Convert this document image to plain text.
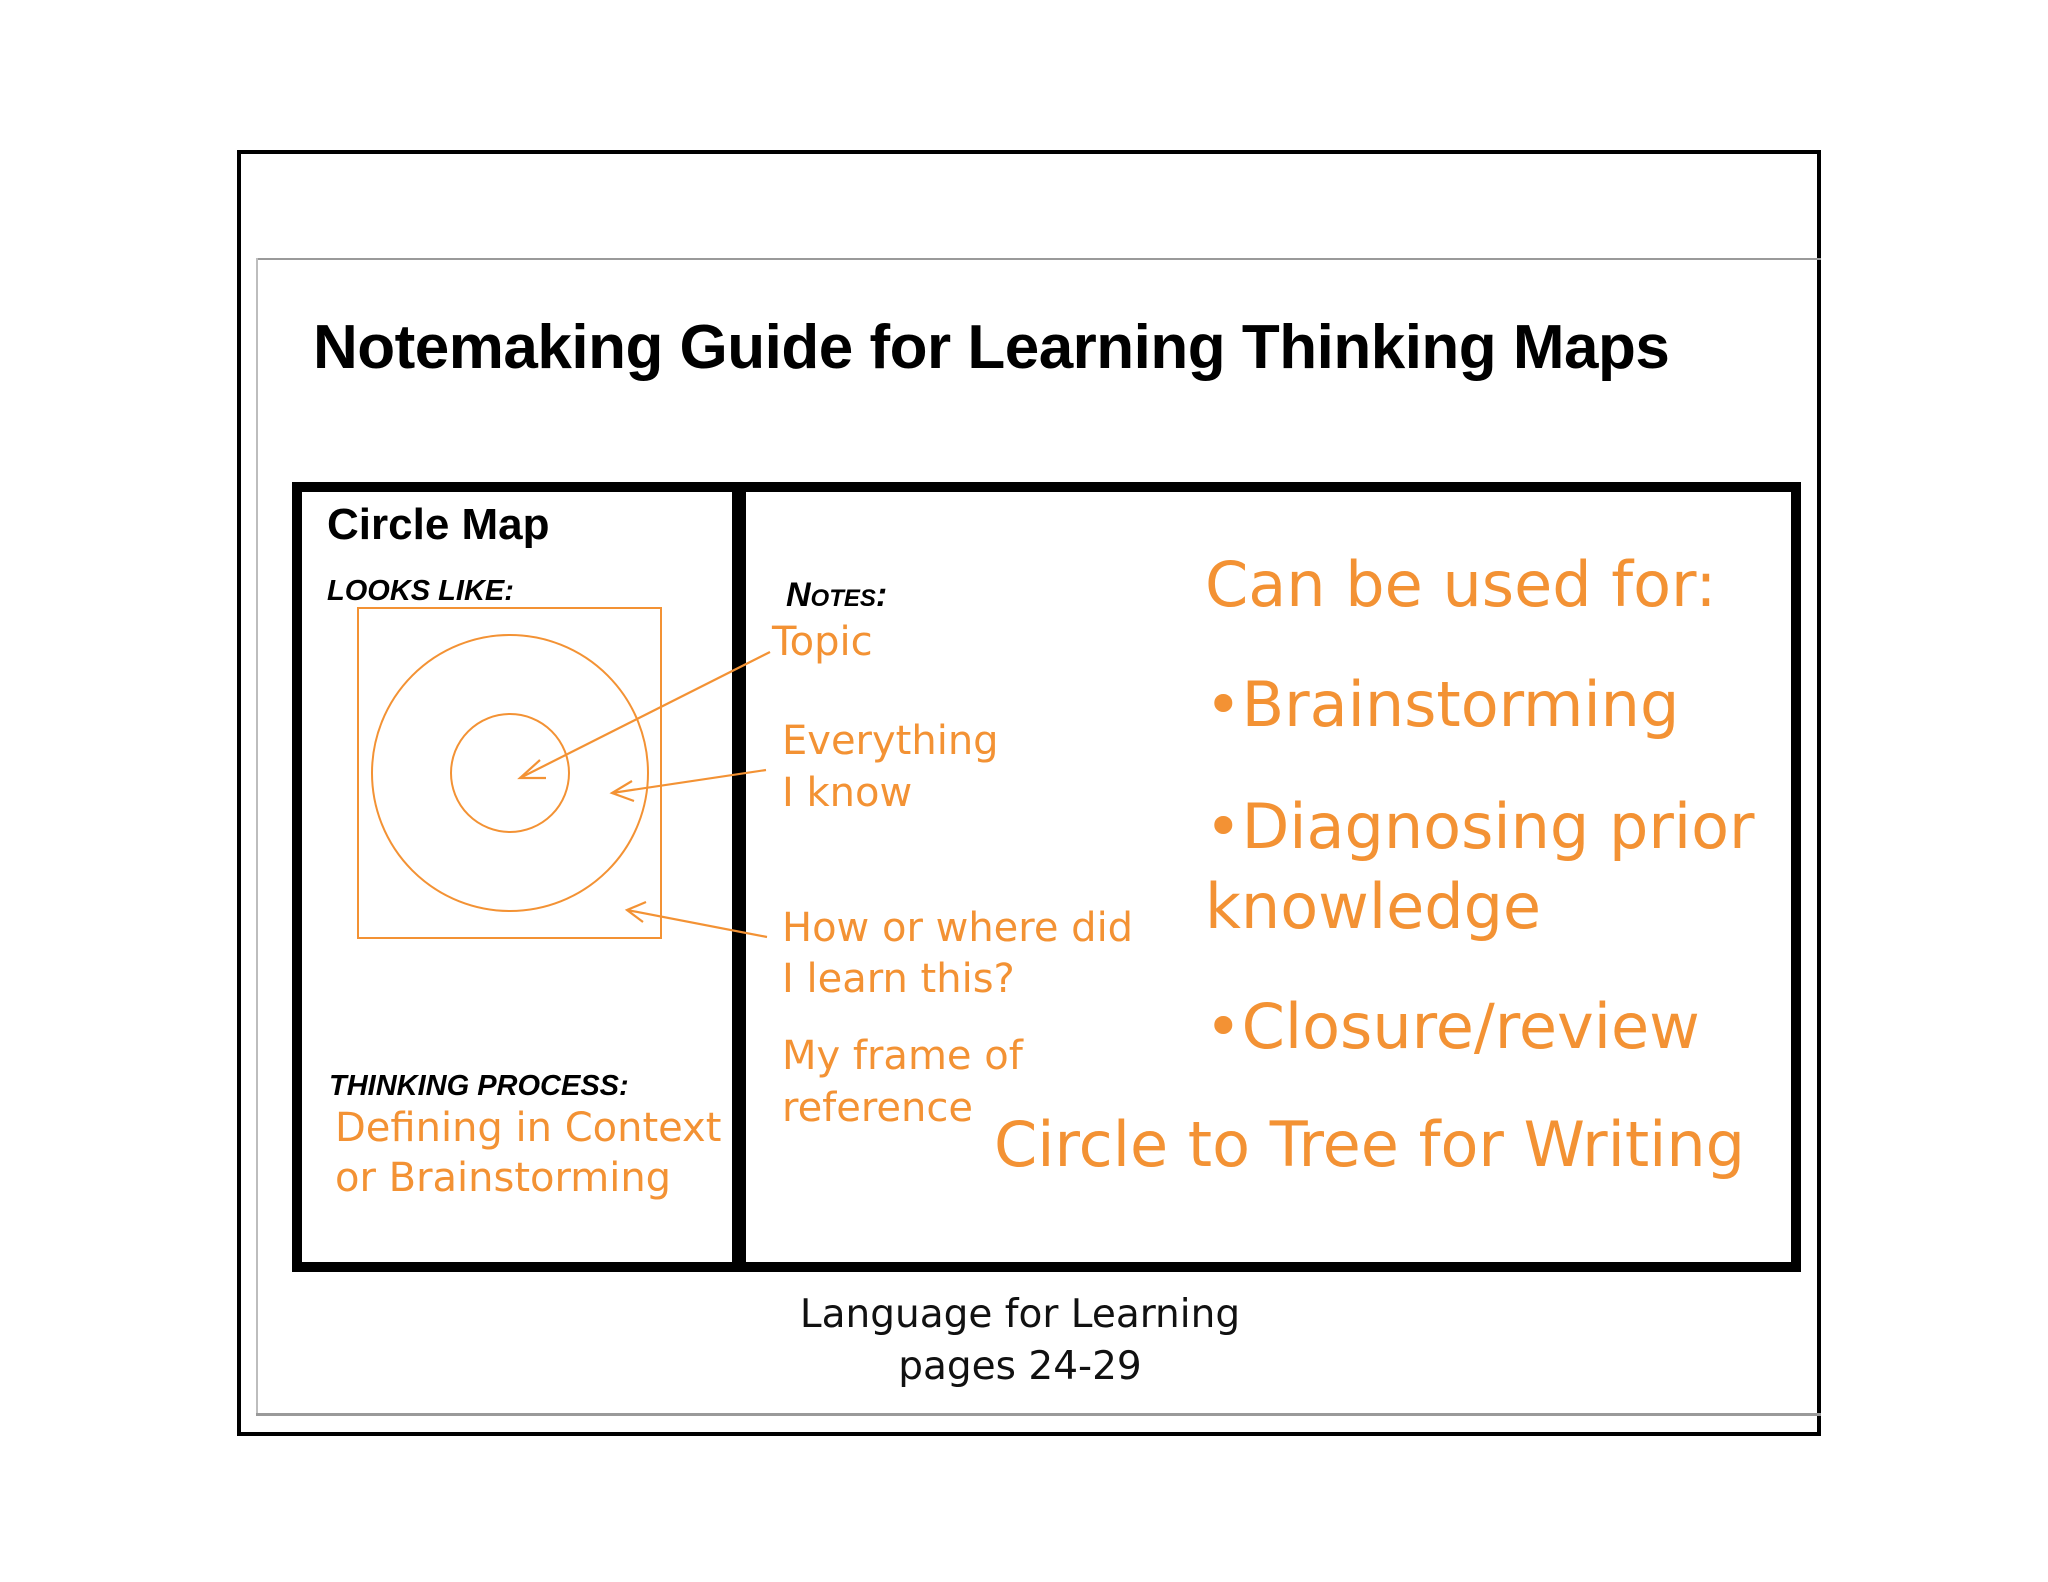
Notemaking Guide for Learning Thinking Maps
Circle Map
LOOKS LIKE:
THINKING PROCESS:
Defining in Context
or Brainstorming
Notes:
Topic
Everything
I know
How or where did
I learn this?
My frame of
reference
Can be used for:
•Brainstorming
•Diagnosing prior
knowledge
•Closure/review
Circle to Tree for Writing
Language for Learning
pages 24-29
